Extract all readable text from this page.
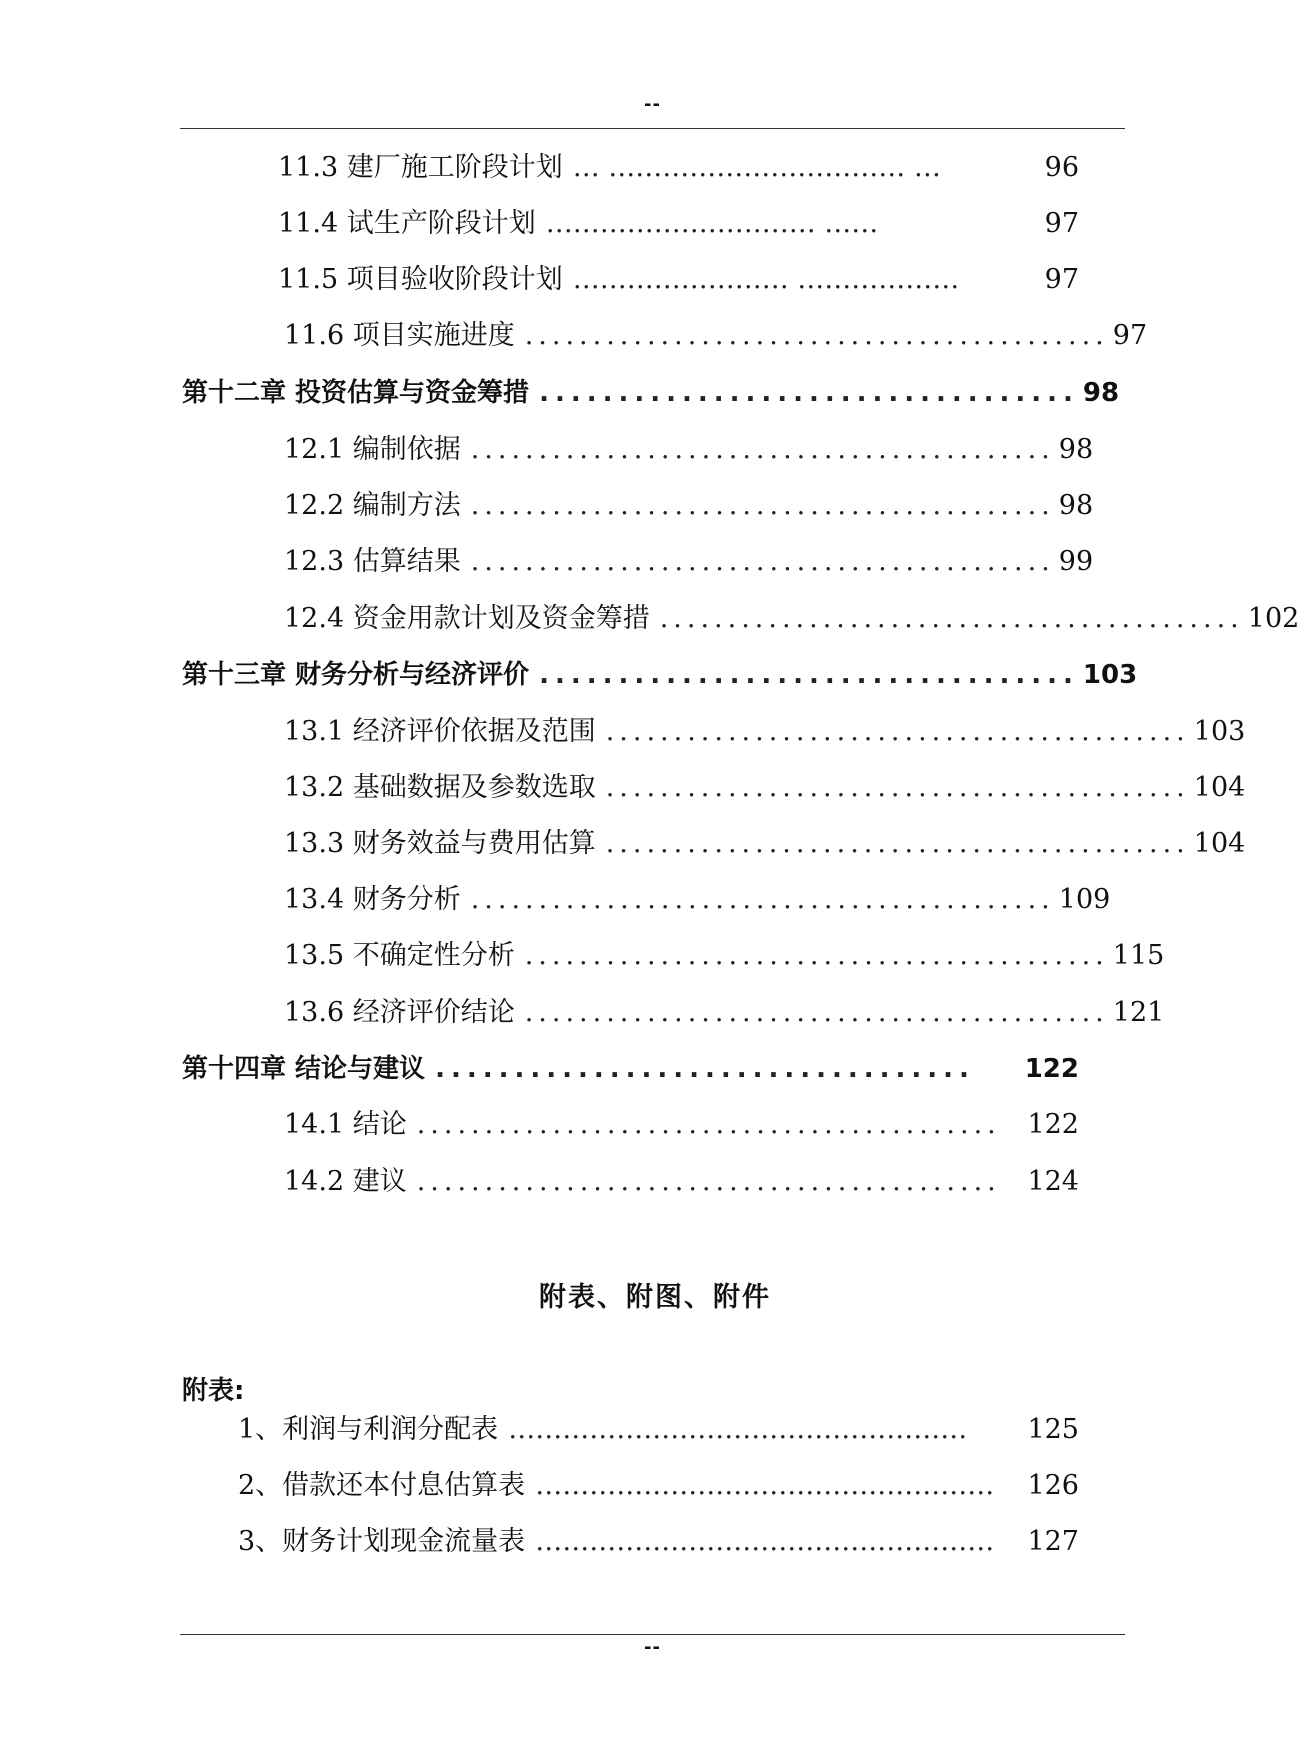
--
11.3 建厂施工阶段计划 … …………………………… …	96
11.4 试生产阶段计划 ………………………… ……	97
11.5 项目验收阶段计划 …………………… ………………	97
11.6 项目实施进度 ........................................... 97
第十二章 投资估算与资金筹措 .................................. 98
12.1 编制依据 ........................................... 98
12.2 编制方法 ........................................... 98
12.3 估算结果 ........................................... 99
12.4 资金用款计划及资金筹措 ........................................... 102
第十三章 财务分析与经济评价 .................................. 103
13.1 经济评价依据及范围 ........................................... 103
13.2 基础数据及参数选取 ........................................... 104
13.3 财务效益与费用估算 ........................................... 104
13.4 财务分析 ........................................... 109
13.5 不确定性分析 ........................................... 115
13.6 经济评价结论 ........................................... 121
第十四章 结论与建议 ..................................	122
14.1 结论 ........................................... 122
14.2 建议 ........................................... 124
附表、附图、附件
附表:
1、利润与利润分配表 ……………………………………………	125
2、借款还本付息估算表 ……………………………………………	126
3、财务计划现金流量表 ……………………………………………	127
--
